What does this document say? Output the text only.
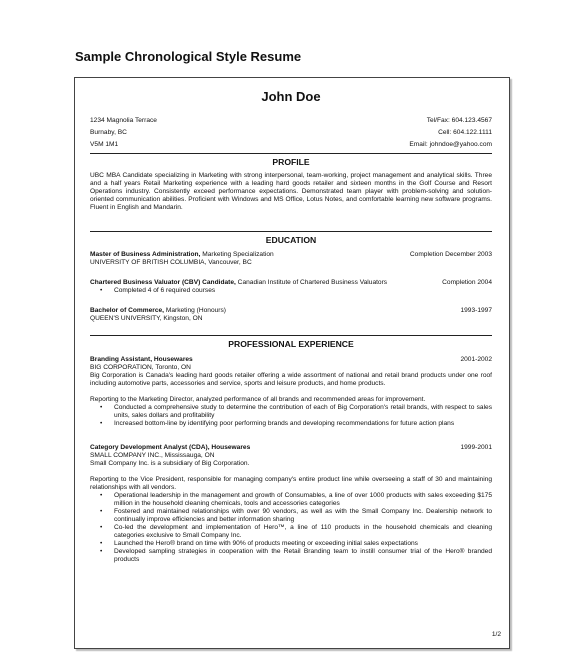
Sample Chronological Style Resume
John Doe
1234 Magnolia Terrace
Burnaby, BC
V5M 1M1
Tel/Fax: 604.123.4567
Cell: 604.122.1111
Email: johndoe@yahoo.com
PROFILE
UBC MBA Candidate specializing in Marketing with strong interpersonal, team-working, project management and analytical skills. Three and a half years Retail Marketing experience with a leading hard goods retailer and sixteen months in the Golf Course and Resort Operations industry. Consistently exceed performance expectations. Demonstrated team player with problem-solving and solution-oriented communication abilities. Proficient with Windows and MS Office, Lotus Notes, and comfortable learning new software programs. Fluent in English and Mandarin.
EDUCATION
Master of Business Administration, Marketing Specialization
UNIVERSITY OF BRITISH COLUMBIA, Vancouver, BC
Completion December 2003
Chartered Business Valuator (CBV) Candidate, Canadian Institute of Chartered Business Valuators
• Completed 4 of 6 required courses
Completion 2004
Bachelor of Commerce, Marketing (Honours)
QUEEN'S UNIVERSITY, Kingston, ON
1993-1997
PROFESSIONAL EXPERIENCE
Branding Assistant, Housewares	2001-2002
BIG CORPORATION, Toronto, ON
Big Corporation is Canada's leading hard goods retailer offering a wide assortment of national and retail brand products under one roof including automotive parts, accessories and service, sports and leisure products, and home products.
Reporting to the Marketing Director, analyzed performance of all brands and recommended areas for improvement.
• Conducted a comprehensive study to determine the contribution of each of Big Corporation's retail brands, with respect to sales units, sales dollars and profitability
• Increased bottom-line by identifying poor performing brands and developing recommendations for future action plans
Category Development Analyst (CDA), Housewares	1999-2001
SMALL COMPANY INC., Mississauga, ON
Small Company Inc. is a subsidiary of Big Corporation.
Reporting to the Vice President, responsible for managing company's entire product line while overseeing a staff of 30 and maintaining relationships with all vendors.
• Operational leadership in the management and growth of Consumables, a line of over 1000 products with sales exceeding $175 million in the household cleaning chemicals, tools and accessories categories
• Fostered and maintained relationships with over 90 vendors, as well as with the Small Company Inc. Dealership network to continually improve efficiencies and better information sharing
• Co-led the development and implementation of Hero™, a line of 110 products in the household chemicals and cleaning categories exclusive to Small Company Inc.
• Launched the Hero® brand on time with 90% of products meeting or exceeding initial sales expectations
• Developed sampling strategies in cooperation with the Retail Branding team to instill consumer trial of the Hero® branded products
1/2
